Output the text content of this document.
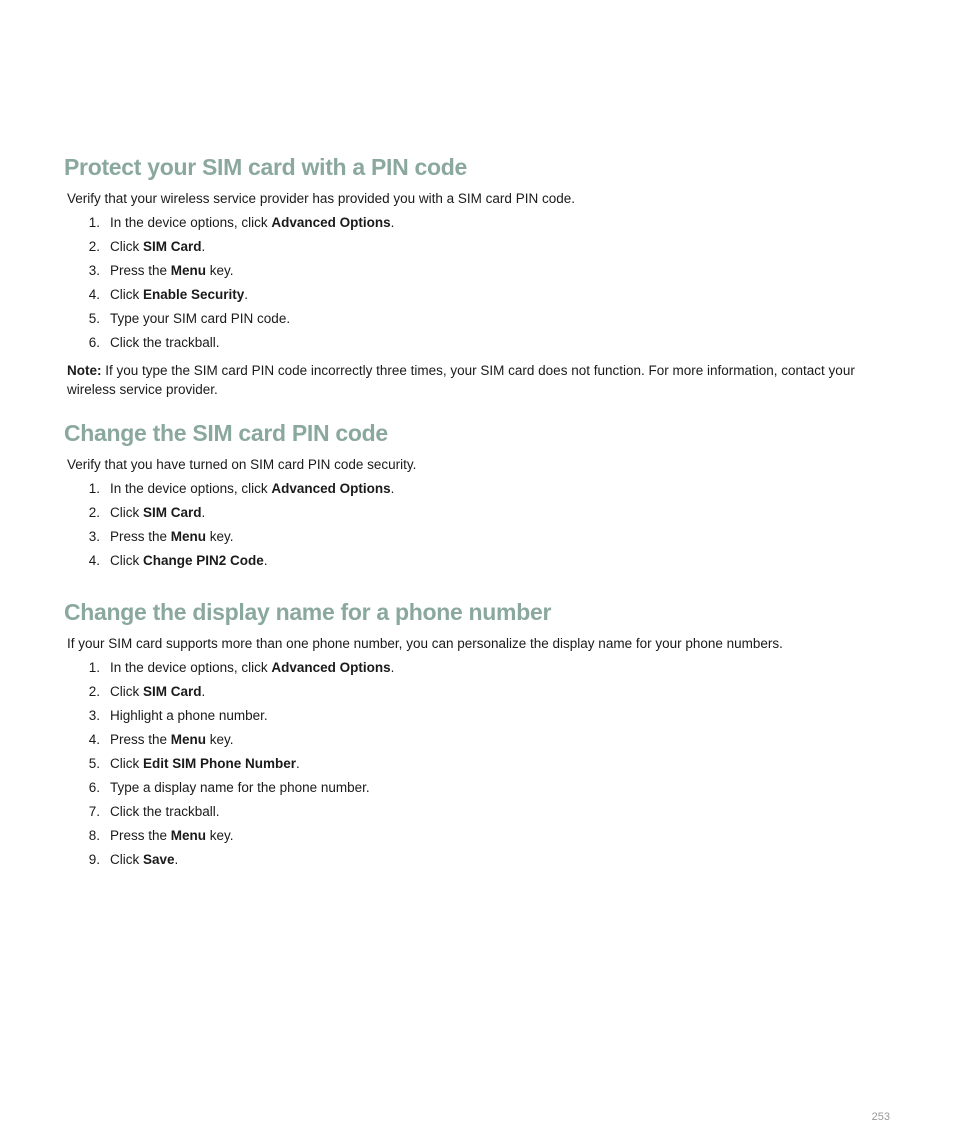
Protect your SIM card with a PIN code

Verify that your wireless service provider has provided you with a SIM card PIN code.

1. In the device options, click Advanced Options.
2. Click SIM Card.
3. Press the Menu key.
4. Click Enable Security.
5. Type your SIM card PIN code.
6. Click the trackball.

Note: If you type the SIM card PIN code incorrectly three times, your SIM card does not function. For more information, contact your wireless service provider.

Change the SIM card PIN code

Verify that you have turned on SIM card PIN code security.

1. In the device options, click Advanced Options.
2. Click SIM Card.
3. Press the Menu key.
4. Click Change PIN2 Code.
Change the display name for a phone number

If your SIM card supports more than one phone number, you can personalize the display name for your phone numbers.

1. In the device options, click Advanced Options.
2. Click SIM Card.
3. Highlight a phone number.
4. Press the Menu key.
5. Click Edit SIM Phone Number.
6. Type a display name for the phone number.
7. Click the trackball.
8. Press the Menu key.
9. Click Save.
253
